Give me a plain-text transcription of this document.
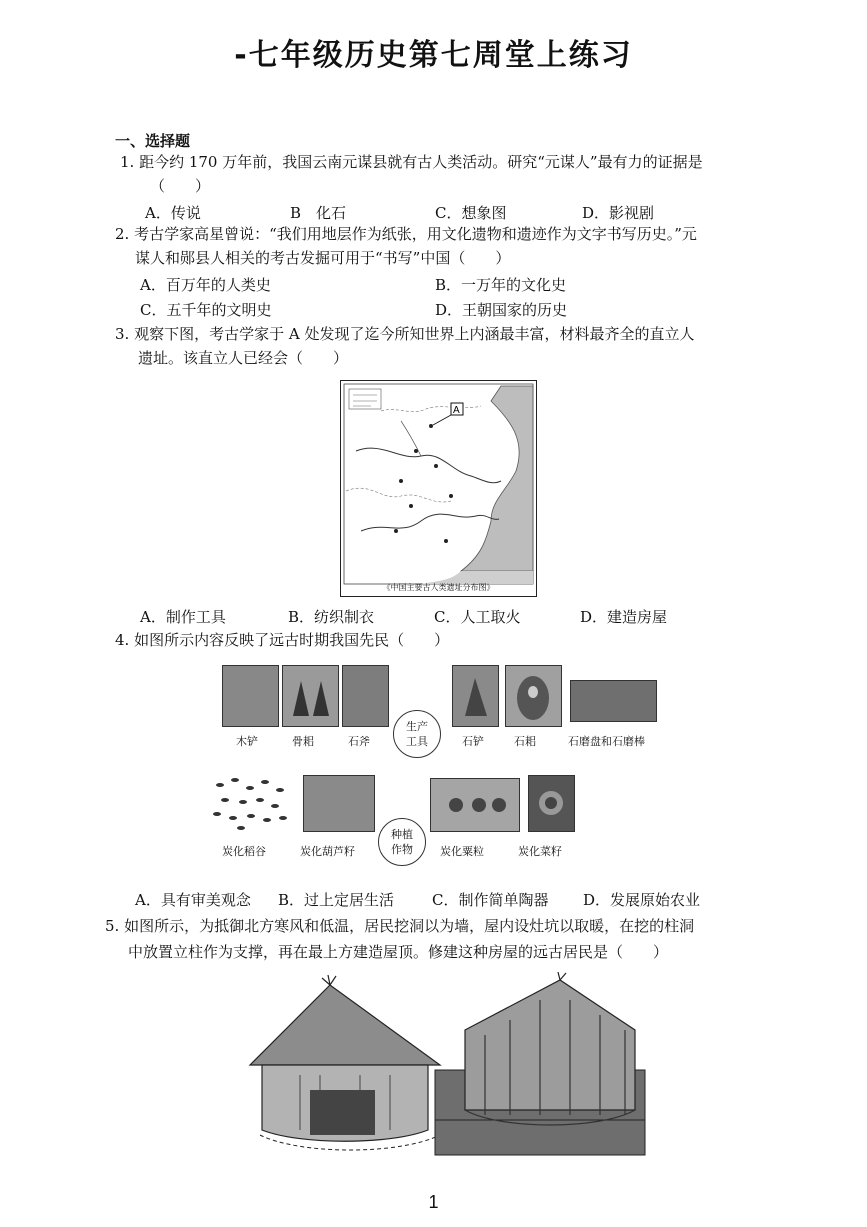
-七年级历史第七周堂上练习
一、选择题
1. 距今约 170 万年前，我国云南元谋县就有古人类活动。研究“元谋人”最有力的证据是
（　　）
A．传说	B　化石	C．想象图	D．影视剧
2. 考古学家高星曾说：“我们用地层作为纸张，用文化遗物和遗迹作为文字书写历史。”元
谋人和郧县人相关的考古发掘可用于“书写”中国（　　）
A．百万年的人类史	B．一万年的文化史
C．五千年的文明史	D．王朝国家的历史
3. 观察下图，考古学家于 A 处发现了迄今所知世界上内涵最丰富，材料最齐全的直立人
遗址。该直立人已经会（　　）
A
《中国主要古人类遗址分布图》
A．制作工具	B．纺织制衣	C．人工取火	D．建造房屋
4. 如图所示内容反映了远古时期我国先民（　　）
木铲	骨耜	石斧	石铲	石耜	石磨盘和石磨棒
生产
工具
炭化稻谷	炭化葫芦籽	炭化粟粒	炭化菜籽
种植
作物
A．具有审美观念 B．过上定居生活	C．制作简单陶器 D．发展原始农业
5. 如图所示，为抵御北方寒风和低温，居民挖洞以为墙，屋内设灶坑以取暖，在挖的柱洞
中放置立柱作为支撑，再在最上方建造屋顶。修建这种房屋的远古居民是（　　）
1
